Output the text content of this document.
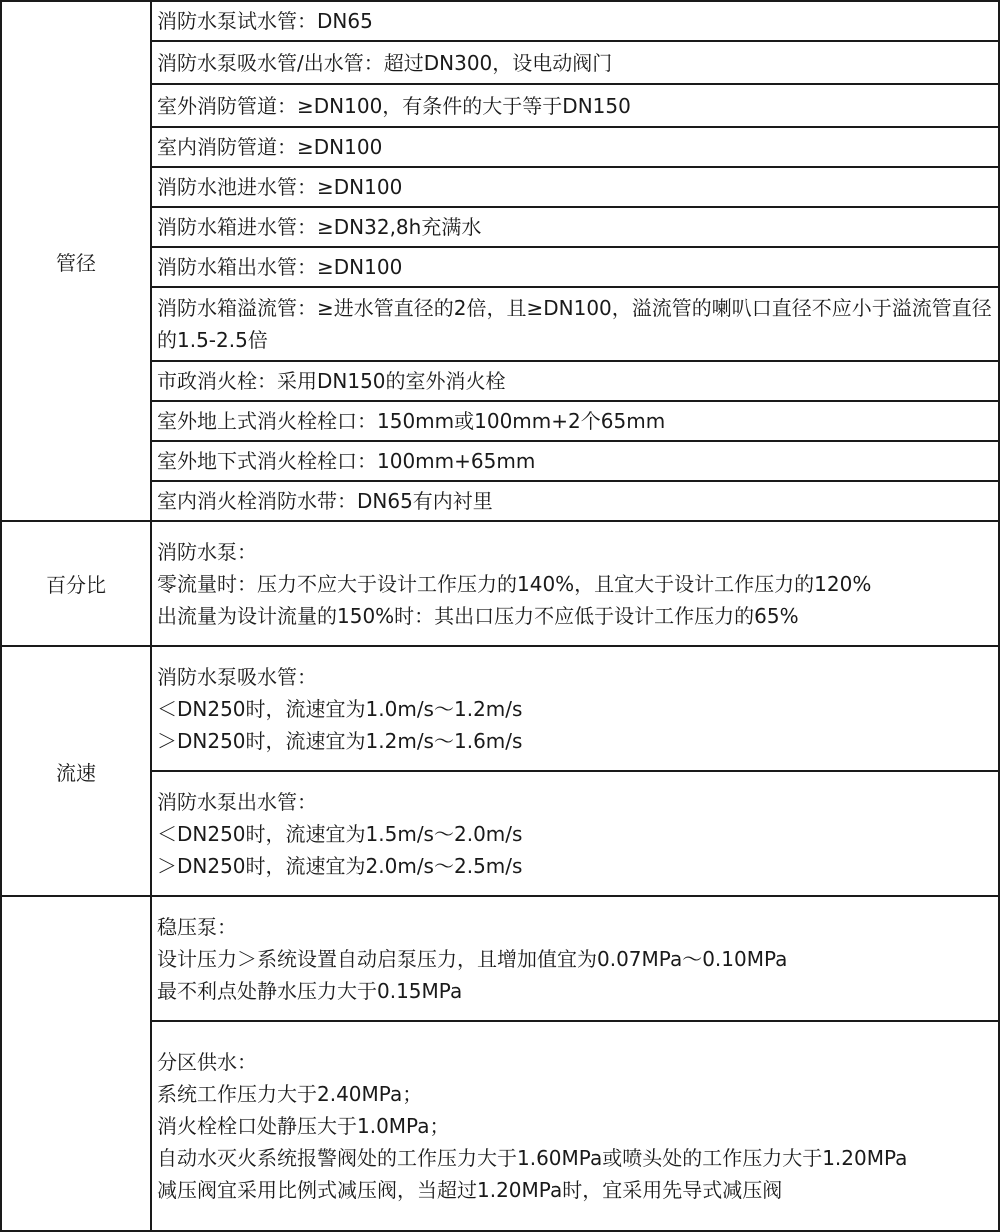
管径	消防水泵试水管：DN65

	消防水泵吸水管/出水管：超过DN300，设电动阀门

	室外消防管道：≥DN100，有条件的大于等于DN150

	室内消防管道：≥DN100

	消防水池进水管：≥DN100

	消防水箱进水管：≥DN32,8h充满水

	消防水箱出水管：≥DN100

	消防水箱溢流管：≥进水管直径的2倍，且≥DN100，溢流管的喇叭口直径不应小于溢流管直径的1.5-2.5倍

	市政消火栓：采用DN150的室外消火栓

	室外地上式消火栓栓口：150mm或100mm+2个65mm

	室外地下式消火栓栓口：100mm+65mm

	室内消火栓消防水带：DN65有内衬里

百分比	消防水泵：
零流量时：压力不应大于设计工作压力的140%，且宜大于设计工作压力的120%
出流量为设计流量的150%时：其出口压力不应低于设计工作压力的65%

流速	消防水泵吸水管：
＜DN250时，流速宜为1.0m/s～1.2m/s
＞DN250时，流速宜为1.2m/s～1.6m/s

	消防水泵出水管：
＜DN250时，流速宜为1.5m/s～2.0m/s
＞DN250时，流速宜为2.0m/s～2.5m/s

	稳压泵：
设计压力＞系统设置自动启泵压力，且增加值宜为0.07MPa～0.10MPa
最不利点处静水压力大于0.15MPa

	分区供水：
系统工作压力大于2.40MPa；
消火栓栓口处静压大于1.0MPa；
自动水灭火系统报警阀处的工作压力大于1.60MPa或喷头处的工作压力大于1.20MPa
减压阀宜采用比例式减压阀，当超过1.20MPa时，宜采用先导式减压阀
